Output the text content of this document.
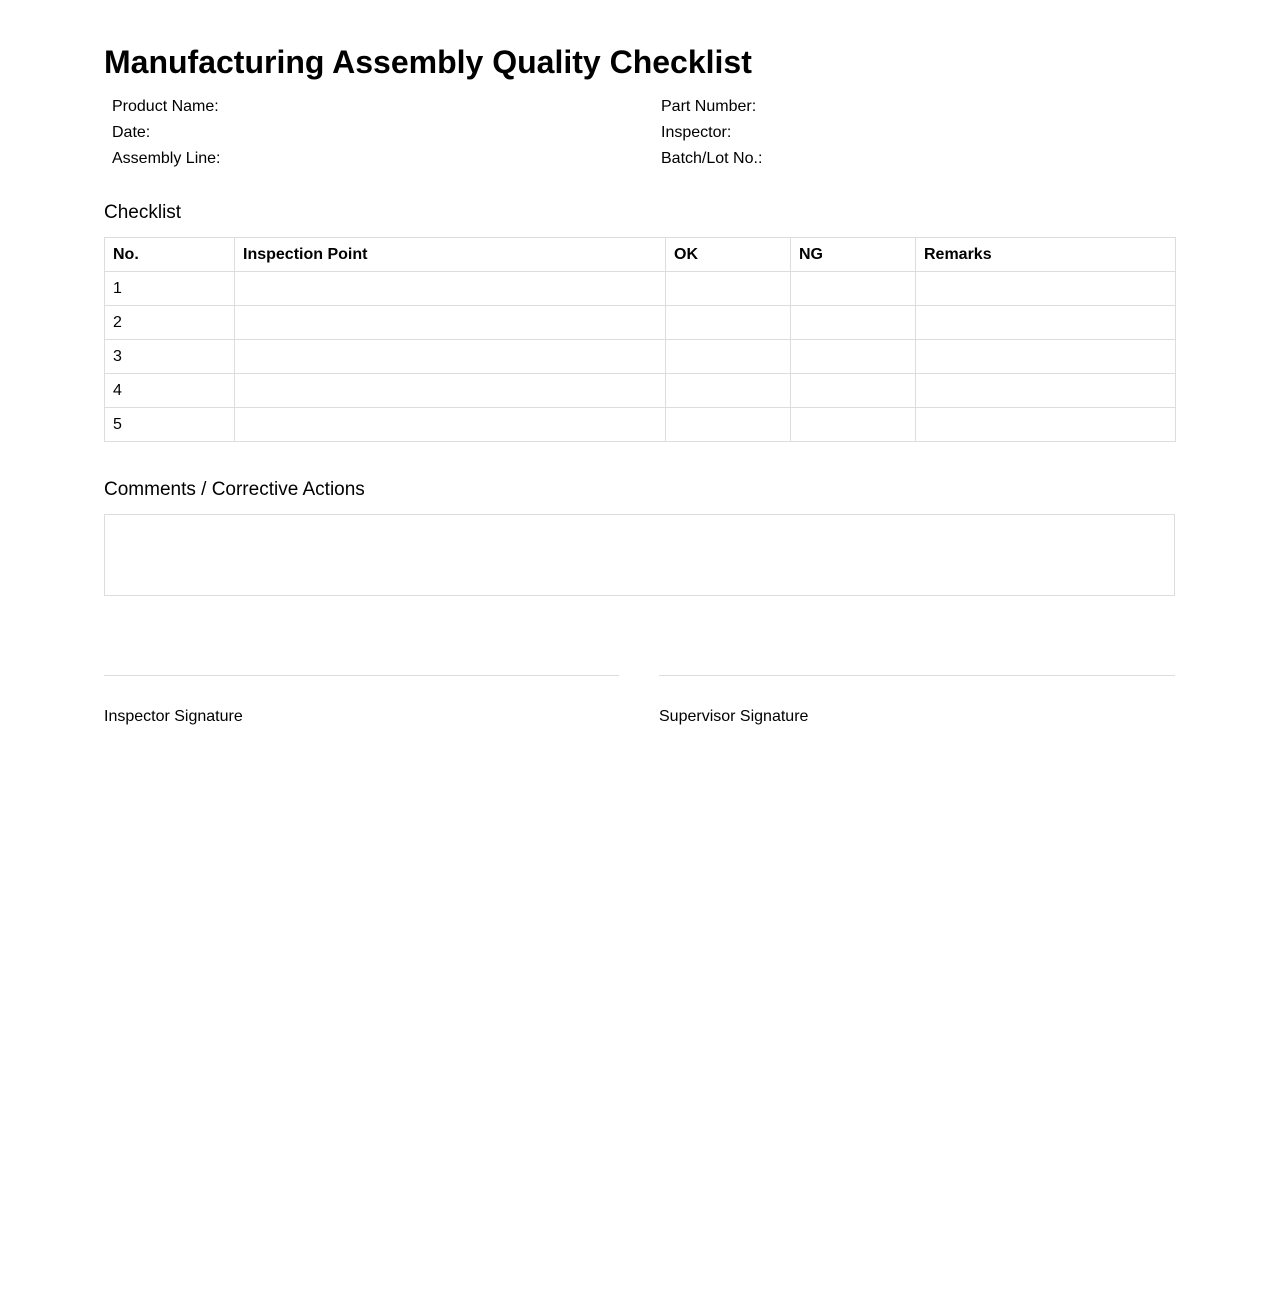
Manufacturing Assembly Quality Checklist
Product Name:
Date:
Assembly Line:
Part Number:
Inspector:
Batch/Lot No.:
Checklist
No.	Inspection Point	OK	NG	Remarks
1				
2				
3				
4				
5				
Comments / Corrective Actions
Inspector Signature	Supervisor Signature
